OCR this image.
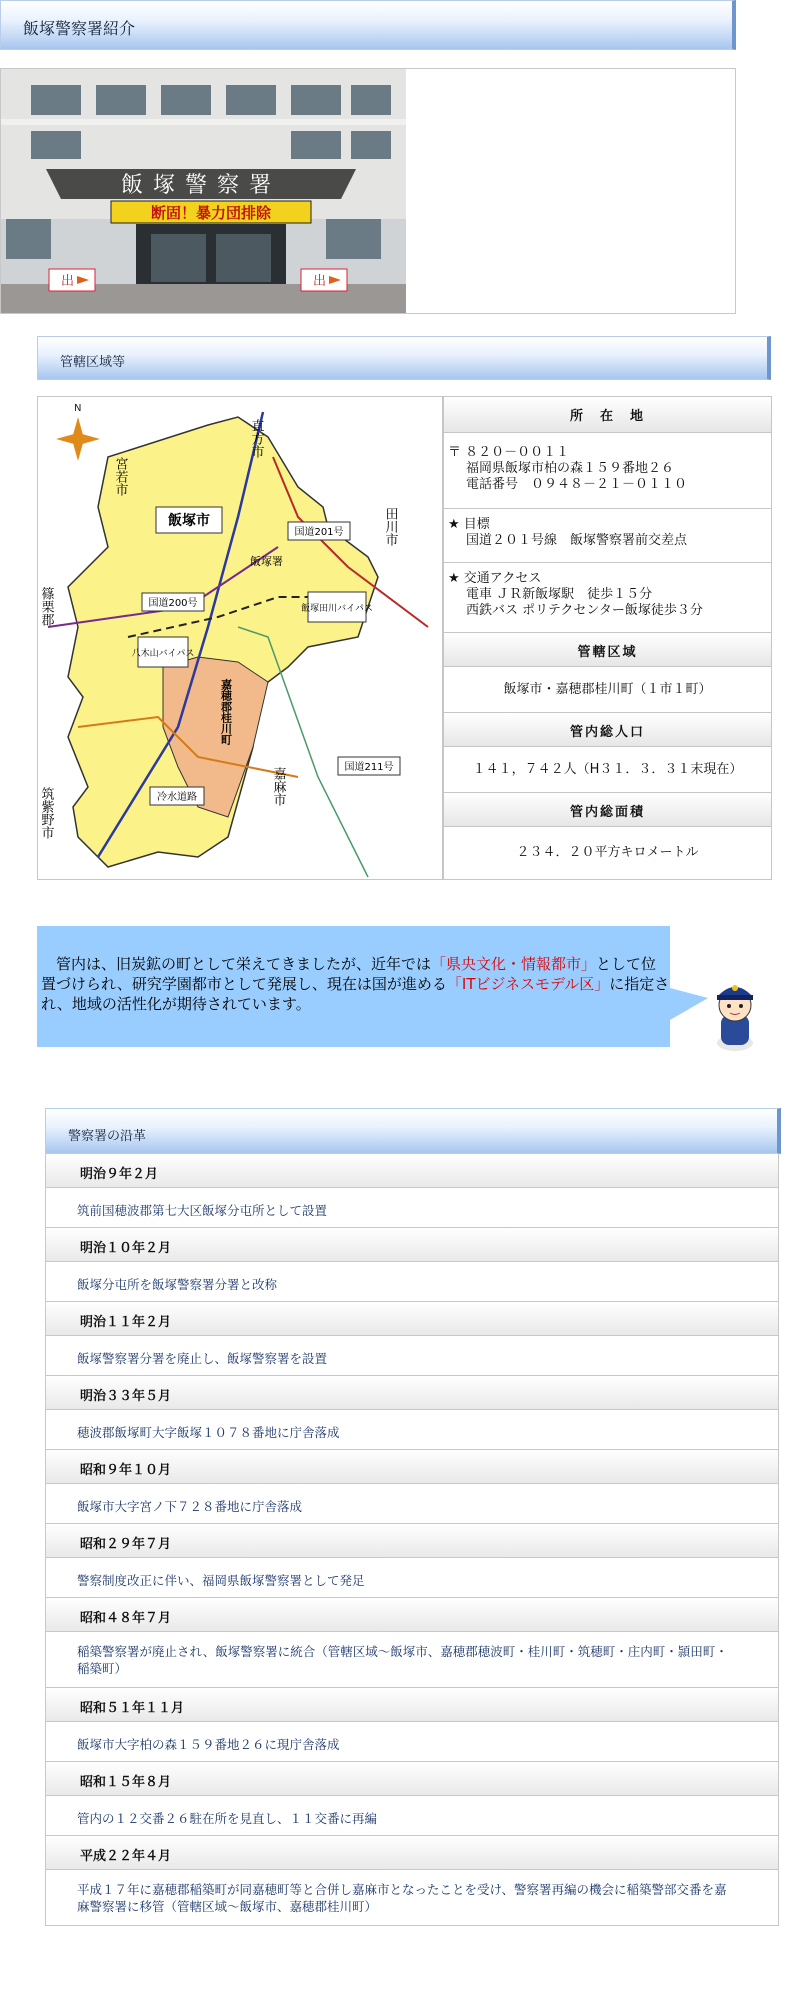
飯塚警察署紹介
飯塚警察署
断固！暴力団排除
出	出
管轄区域等
N
直方市
宮若市
田川市
篠栗郡
飯塚市
飯塚署
国道201号
国道200号	飯塚田川バイパス
八木山バイパス
嘉穂郡桂川町
嘉麻市	国道211号
筑紫野市	冷水道路
所　在　地
〒 ８２０－００１１
福岡県飯塚市柏の森１５９番地２６
電話番号　０９４８－２１－０１１０
★ 目標
国道２０１号線　飯塚警察署前交差点
★ 交通アクセス
電車 ＪＲ新飯塚駅　徒歩１５分
西鉄バス ポリテクセンター飯塚徒歩３分
管轄区域
飯塚市・嘉穂郡桂川町（１市１町）
管内総人口
１４１，７４２人（H３１．３．３１末現在）
管内総面積
２３４．２０平方キロメートル
　管内は、旧炭鉱の町として栄えてきましたが、近年では「県央文化・情報都市」として位置づけられ、研究学園都市として発展し、現在は国が進める「ITビジネスモデル区」に指定され、地域の活性化が期待されています。
警察署の沿革
明治９年２月
筑前国穂波郡第七大区飯塚分屯所として設置
明治１０年２月
飯塚分屯所を飯塚警察署分署と改称
明治１１年２月
飯塚警察署分署を廃止し、飯塚警察署を設置
明治３３年５月
穂波郡飯塚町大字飯塚１０７８番地に庁舎落成
昭和９年１０月
飯塚市大字宮ノ下７２８番地に庁舎落成
昭和２９年７月
警察制度改正に伴い、福岡県飯塚警察署として発足
昭和４８年７月
稲築警察署が廃止され、飯塚警察署に統合（管轄区域～飯塚市、嘉穂郡穂波町・桂川町・筑穂町・庄内町・頴田町・稲築町）
昭和５１年１１月
飯塚市大字柏の森１５９番地２６に現庁舎落成
昭和１５年８月
管内の１２交番２６駐在所を見直し、１１交番に再編
平成２２年４月
平成１７年に嘉穂郡稲築町が同嘉穂町等と合併し嘉麻市となったことを受け、警察署再編の機会に稲築警部交番を嘉麻警察署に移管（管轄区域～飯塚市、嘉穂郡桂川町）
